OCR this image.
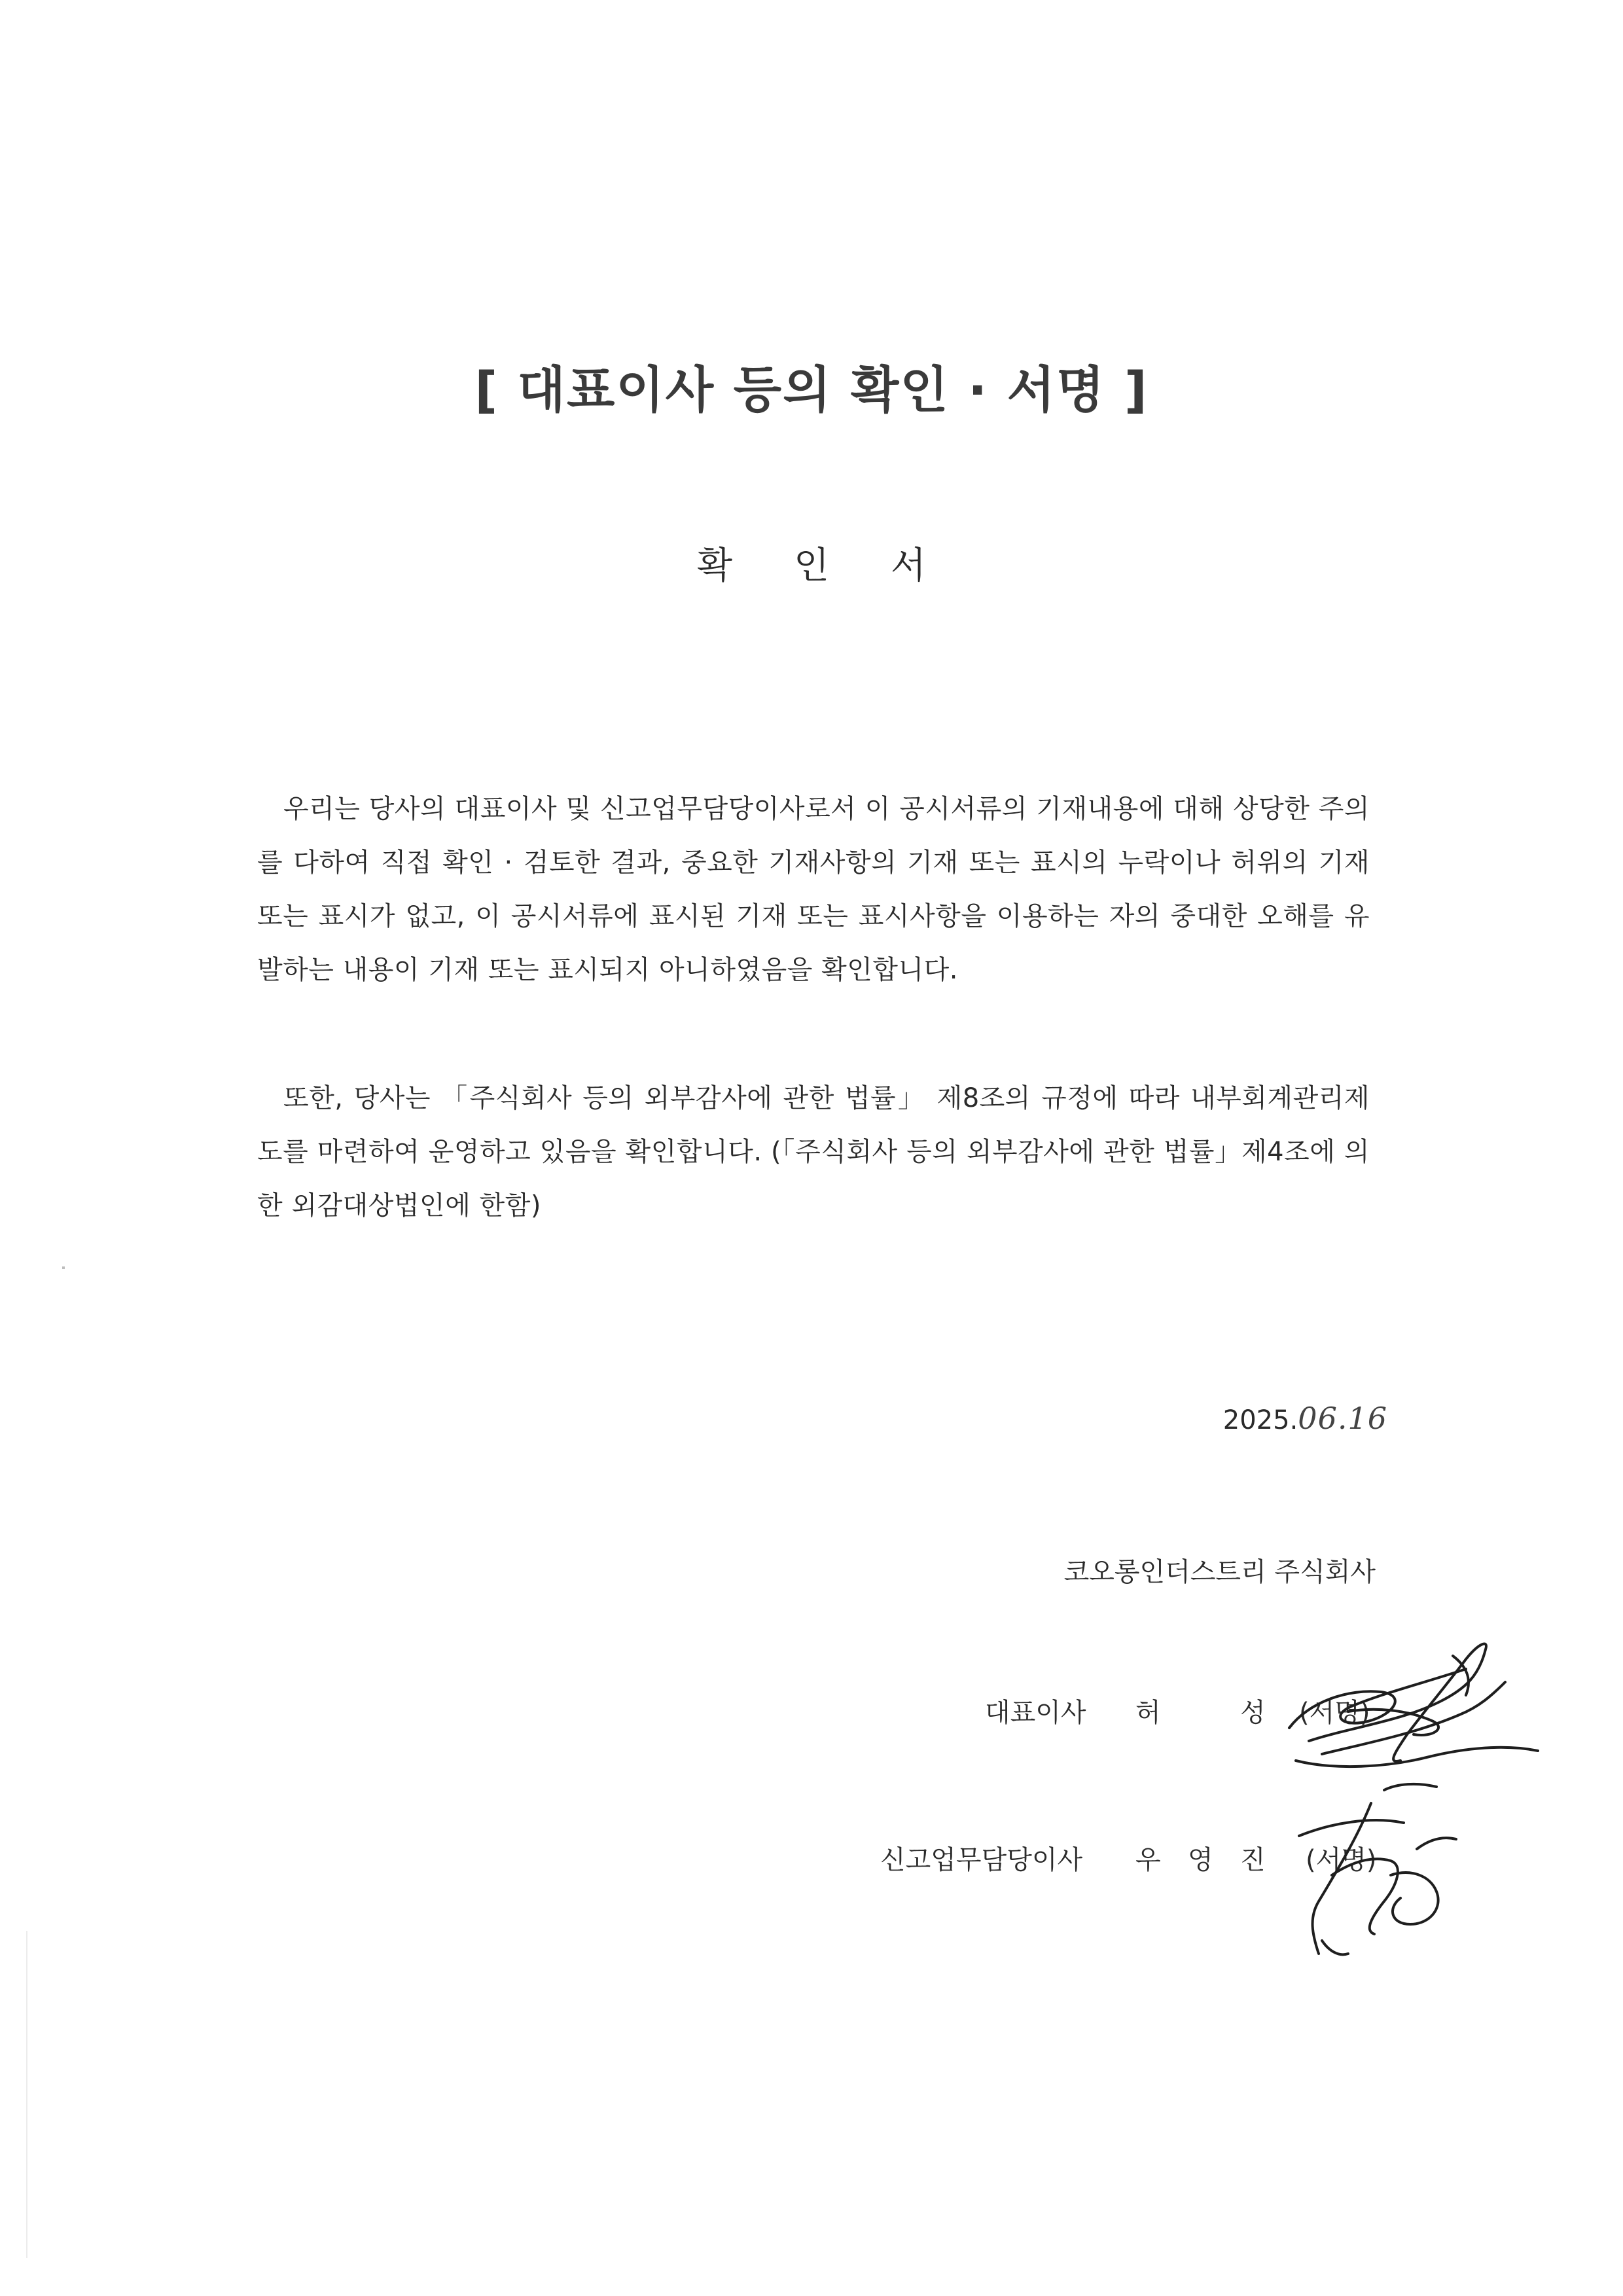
[ 대표이사 등의 확인 · 서명 ]
확 인 서

우리는 당사의 대표이사 및 신고업무담당이사로서 이 공시서류의 기재내용에 대해 상당한 주의를 다하여 직접 확인 · 검토한 결과, 중요한 기재사항의 기재 또는 표시의 누락이나 허위의 기재 또는 표시가 없고, 이 공시서류에 표시된 기재 또는 표시사항을 이용하는 자의 중대한 오해를 유발하는 내용이 기재 또는 표시되지 아니하였음을 확인합니다.

또한, 당사는 「주식회사 등의 외부감사에 관한 법률」 제8조의 규정에 따라 내부회계관리제도를 마련하여 운영하고 있음을 확인합니다. (「주식회사 등의 외부감사에 관한 법률」제4조에 의한 외감대상법인에 한함)

2025.06.16
코오롱인더스트리 주식회사
대표이사 허	성 (서명)
신고업무담당이사 우 영 진 (서명)
